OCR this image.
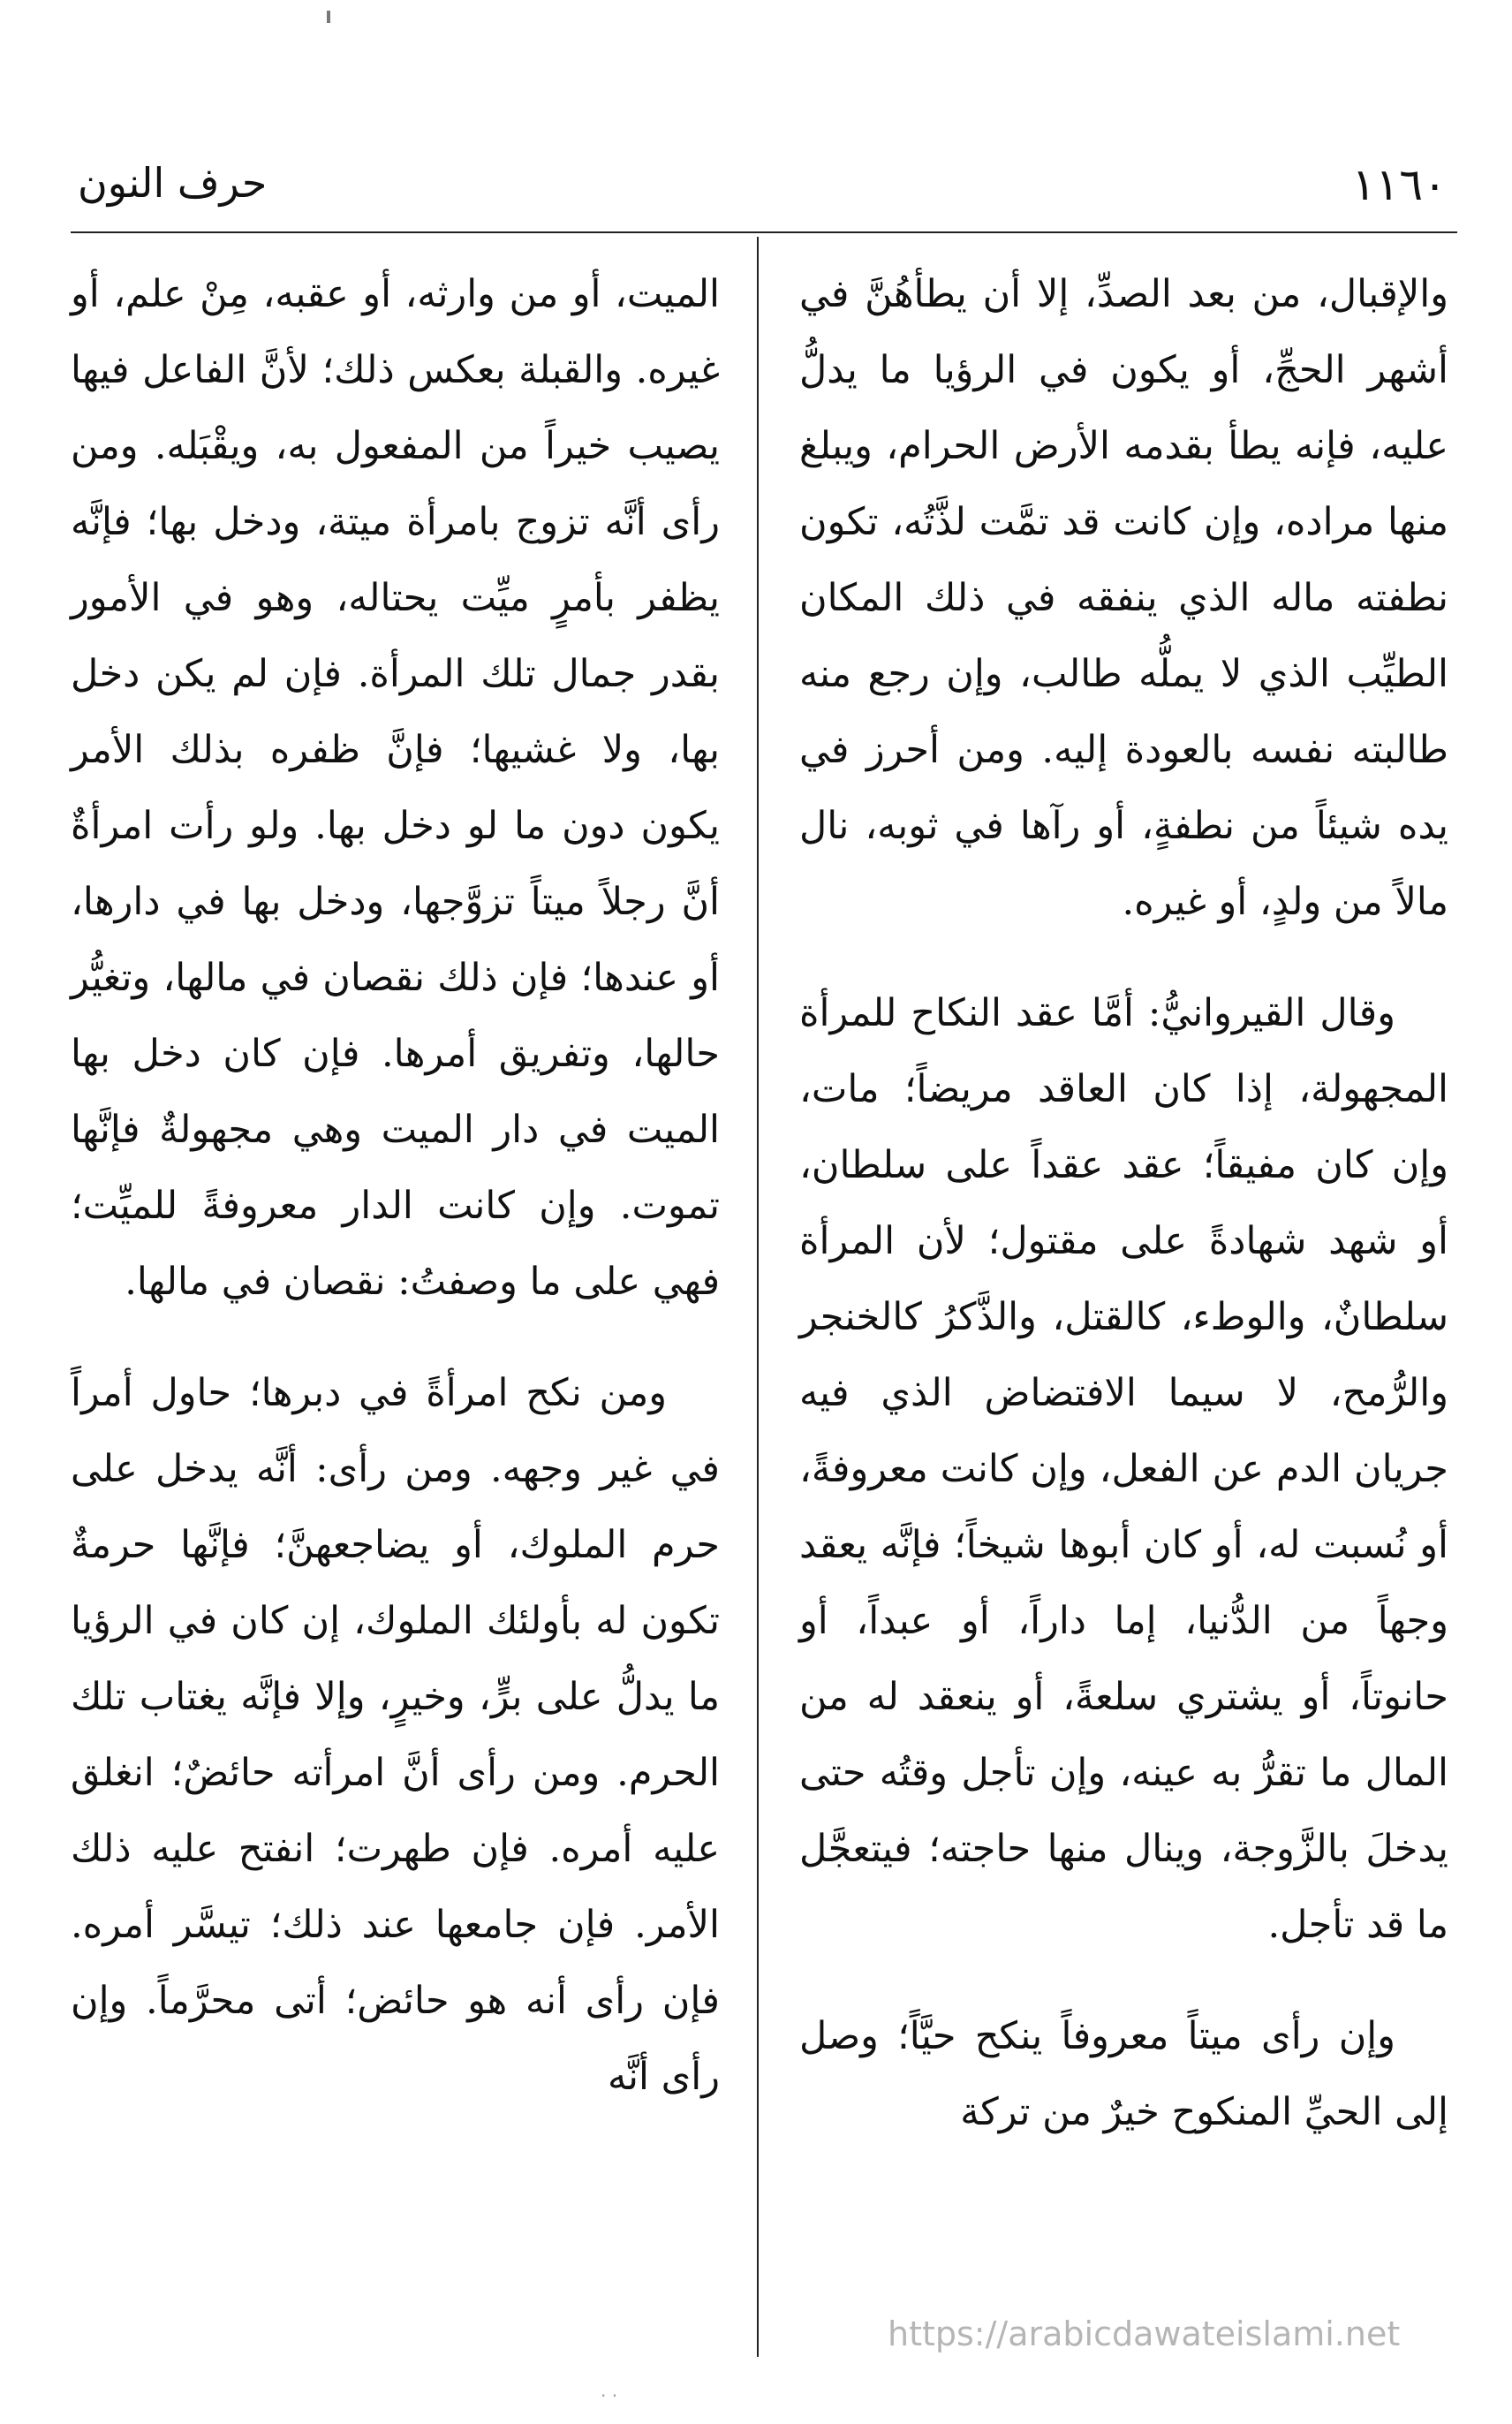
حرف النون	١١٦٠

والإقبال، من بعد الصدِّ، إلا أن يطأهُنَّ في أشهر الحجِّ، أو يكون في الرؤيا ما يدلُّ عليه، فإنه يطأ بقدمه الأرض الحرام، ويبلغ منها مراده، وإن كانت قد تمَّت لذَّتُه، تكون نطفته ماله الذي ينفقه في ذلك المكان الطيِّب الذي لا يملُّه طالب، وإن رجع منه طالبته نفسه بالعودة إليه. ومن أحرز في يده شيئاً من نطفةٍ، أو رآها في ثوبه، نال مالاً من ولدٍ، أو غيره.

وقال القيروانيُّ: أمَّا عقد النكاح للمرأة المجهولة، إذا كان العاقد مريضاً؛ مات، وإن كان مفيقاً؛ عقد عقداً على سلطان، أو شهد شهادةً على مقتول؛ لأن المرأة سلطانٌ، والوطء، كالقتل، والذَّكرُ كالخنجر والرُّمح، لا سيما الافتضاض الذي فيه جريان الدم عن الفعل، وإن كانت معروفةً، أو نُسبت له، أو كان أبوها شيخاً؛ فإنَّه يعقد وجهاً من الدُّنيا، إما داراً، أو عبداً، أو حانوتاً، أو يشتري سلعةً، أو ينعقد له من المال ما تقرُّ به عينه، وإن تأجل وقتُه حتى يدخلَ بالزَّوجة، وينال منها حاجته؛ فيتعجَّل ما قد تأجل.

وإن رأى ميتاً معروفاً ينكح حيَّاً؛ وصل إلى الحيِّ المنكوح خيرٌ من تركة

الميت، أو من وارثه، أو عقبه، مِنْ علم، أو غيره. والقبلة بعكس ذلك؛ لأنَّ الفاعل فيها يصيب خيراً من المفعول به، ويقْبَله. ومن رأى أنَّه تزوج بامرأة ميتة، ودخل بها؛ فإنَّه يظفر بأمرٍ ميِّت يحتاله، وهو في الأمور بقدر جمال تلك المرأة. فإن لم يكن دخل بها، ولا غشيها؛ فإنَّ ظفره بذلك الأمر يكون دون ما لو دخل بها. ولو رأت امرأةٌ أنَّ رجلاً ميتاً تزوَّجها، ودخل بها في دارها، أو عندها؛ فإن ذلك نقصان في مالها، وتغيُّر حالها، وتفريق أمرها. فإن كان دخل بها الميت في دار الميت وهي مجهولةٌ فإنَّها تموت. وإن كانت الدار معروفةً للميِّت؛ فهي على ما وصفتُ: نقصان في مالها.

ومن نكح امرأةً في دبرها؛ حاول أمراً في غير وجهه. ومن رأى: أنَّه يدخل على حرم الملوك، أو يضاجعهنَّ؛ فإنَّها حرمةٌ تكون له بأولئك الملوك، إن كان في الرؤيا ما يدلُّ على برٍّ، وخيرٍ، وإلا فإنَّه يغتاب تلك الحرم. ومن رأى أنَّ امرأته حائضٌ؛ انغلق عليه أمره. فإن طهرت؛ انفتح عليه ذلك الأمر. فإن جامعها عند ذلك؛ تيسَّر أمره. فإن رأى أنه هو حائض؛ أتى محرَّماً. وإن رأى أنَّه

https://arabicdawateislami.net
· ·
